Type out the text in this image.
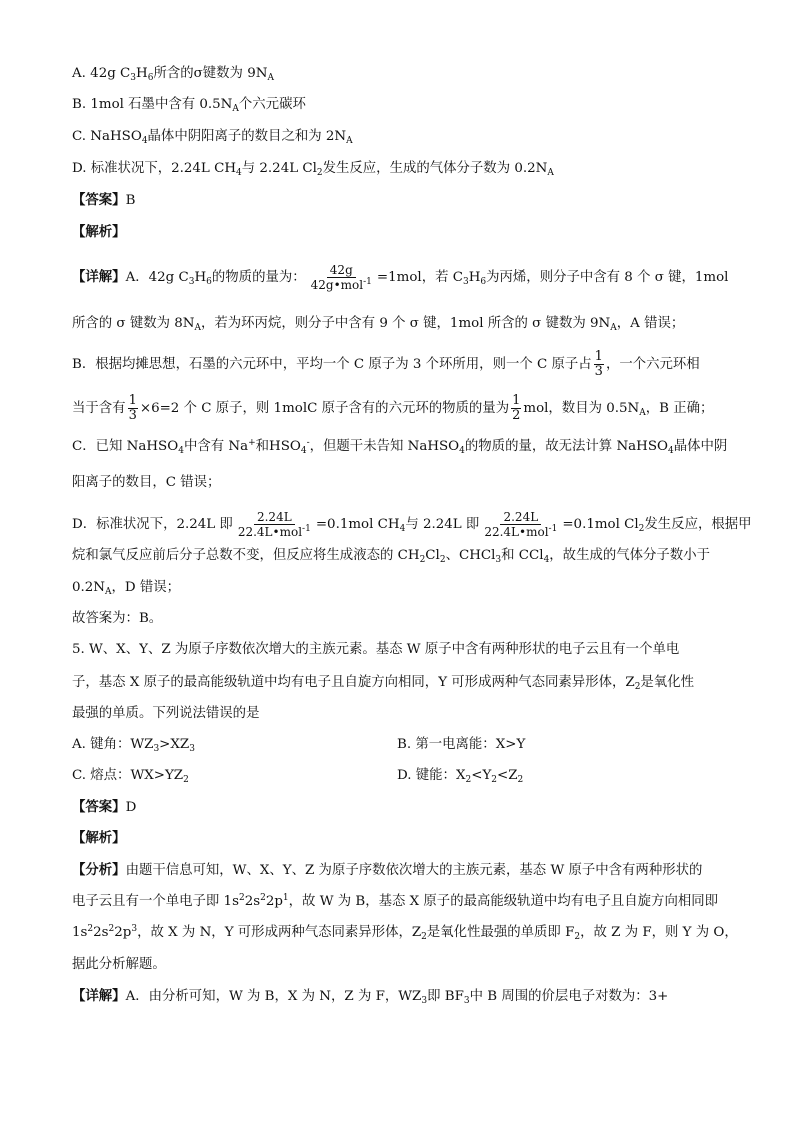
A. 42g $C_3H_6$所含的σ键数为 $9N_A$
B. 1mol 石墨中含有 $0.5N_A$个六元碳环
C. NaHSO$_4$晶体中阴阳离子的数目之和为 $2N_A$
D. 标准状况下，2.24L $CH_4$与 2.24L $Cl_2$发生反应，生成的气体分子数为 $0.2N_A$
【答案】B
【解析】
【详解】A．42g $C_3H_6$的物质的量为： $\frac{42g}{42g•mol^{-1}} =1mol$，若 $C_3H_6$为丙烯，则分子中含有 8 个 σ 键，1mol
所含的 σ 键数为 $8N_A$，若为环丙烷，则分子中含有 9 个 σ 键，1mol 所含的 σ 键数为 $9N_A$，A 错误；
B．根据均摊思想，石墨的六元环中，平均一个 C 原子为 3 个环所用，则一个 C 原子占 $\frac{1}{3}$ ，一个六元环相
当于含有 $\frac{1}{3} \times 6=2$ 个 C 原子，则 1molC 原子含有的六元环的物质的量为 $\frac{1}{2}$ mol，数目为 $0.5N_A$，B 正确；
C．已知 NaHSO$_4$中含有 Na+和$HSO_4^-$，但题干未告知 NaHSO$_4$的物质的量，故无法计算 NaHSO$_4$晶体中阴
阳离子的数目，C 错误；
D．标准状况下，2.24L 即 $\frac{2.24L}{22.4L•mol^{-1}} =0.1mol$ $CH_4$与 2.24L 即 $\frac{2.24L}{22.4L•mol^{-1}} =0.1mol$ $Cl_2$发生反应，根据甲
烷和氯气反应前后分子总数不变，但反应将生成液态的 $CH_2Cl_2$、CHCl$_3$和 CCl$_4$，故生成的气体分子数小于
$0.2N_A$，D 错误；
故答案为：B。
5. W、X、Y、Z 为原子序数依次增大的主族元素。基态 W 原子中含有两种形状的电子云且有一个单电
子，基态 X 原子的最高能级轨道中均有电子且自旋方向相同，Y 可形成两种气态同素异形体，$Z_2$是氧化性
最强的单质。下列说法错误的是
A. 键角：$WZ_3>XZ_3$	B. 第一电离能：X>Y
C. 熔点：$WX>YZ_2$	D. 键能：$X_2<Y_2<Z_2$
【答案】D
【解析】
【分析】由题干信息可知，W、X、Y、Z 为原子序数依次增大的主族元素，基态 W 原子中含有两种形状的
电子云且有一个单电子即 $1s^22s^22p^1$，故 W 为 B，基态 X 原子的最高能级轨道中均有电子且自旋方向相同即
$1s^22s^22p^3$，故 X 为 N，Y 可形成两种气态同素异形体，$Z_2$是氧化性最强的单质即 $F_2$，故 Z 为 F，则 Y 为 O，
据此分析解题。
【详解】A．由分析可知，W 为 B，X 为 N，Z 为 F，$WZ_3$即 $BF_3$中 B 周围的价层电子对数为：3+
